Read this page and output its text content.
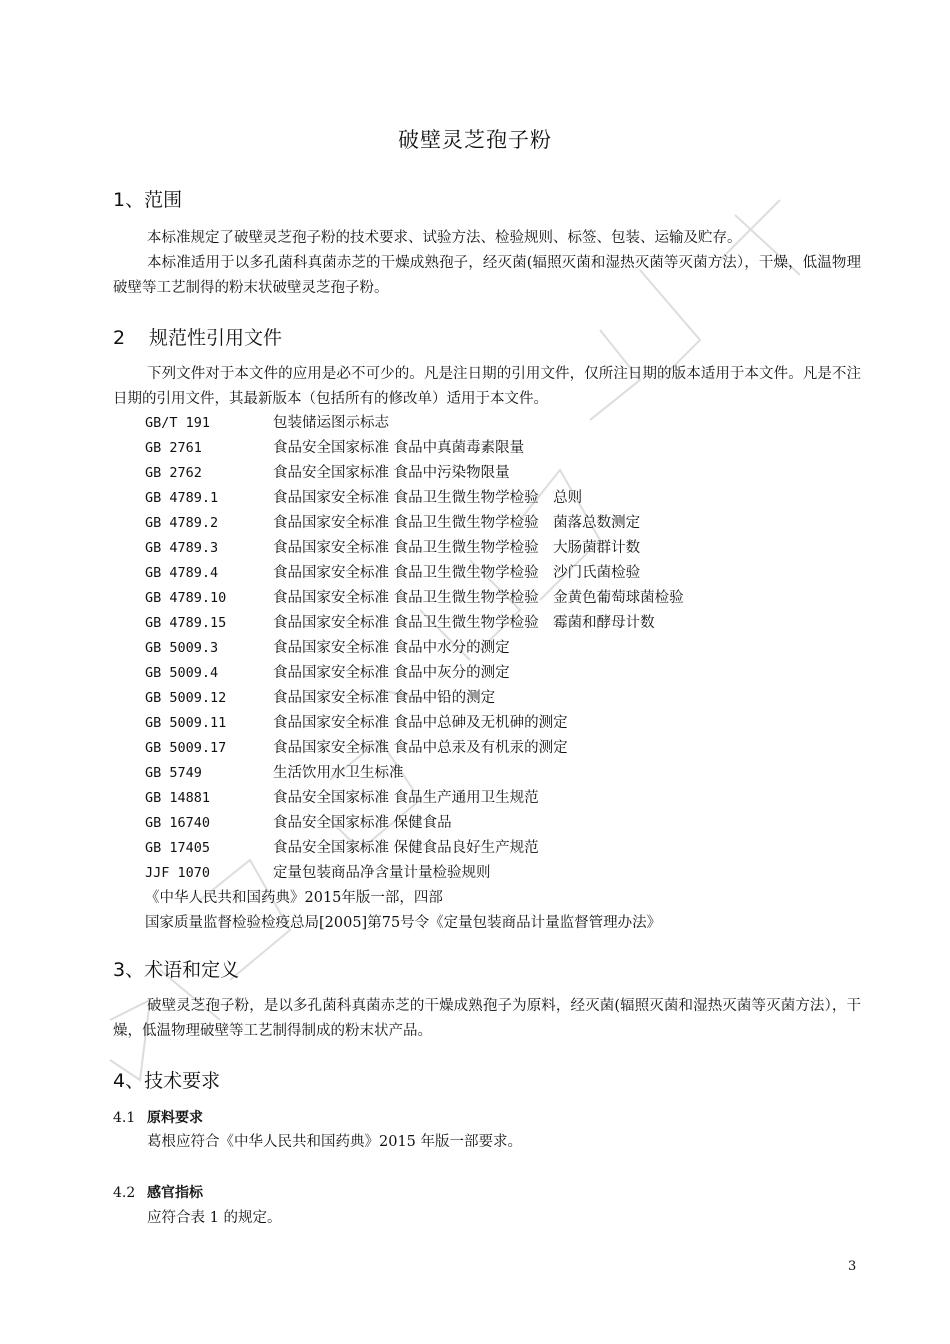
破壁灵芝孢子粉
1、范围

本标准规定了破壁灵芝孢子粉的技术要求、试验方法、检验规则、标签、包装、运输及贮存。

本标准适用于以多孔菌科真菌赤芝的干燥成熟孢子，经灭菌(辐照灭菌和湿热灭菌等灭菌方法），干燥，低温物理破壁等工艺制得的粉末状破壁灵芝孢子粉。

2 规范性引用文件

下列文件对于本文件的应用是必不可少的。凡是注日期的引用文件，仅所注日期的版本适用于本文件。凡是不注日期的引用文件，其最新版本（包括所有的修改单）适用于本文件。

GB/T 191	包装储运图示标志
GB 2761	食品安全国家标准 食品中真菌毒素限量
GB 2762	食品安全国家标准 食品中污染物限量
GB 4789.1	食品国家安全标准 食品卫生微生物学检验　总则
GB 4789.2	食品国家安全标准 食品卫生微生物学检验　菌落总数测定
GB 4789.3	食品国家安全标准 食品卫生微生物学检验　大肠菌群计数
GB 4789.4	食品国家安全标准 食品卫生微生物学检验　沙门氏菌检验
GB 4789.10	食品国家安全标准 食品卫生微生物学检验　金黄色葡萄球菌检验
GB 4789.15	食品国家安全标准 食品卫生微生物学检验　霉菌和酵母计数
GB 5009.3	食品国家安全标准 食品中水分的测定
GB 5009.4	食品国家安全标准 食品中灰分的测定
GB 5009.12	食品国家安全标准 食品中铅的测定
GB 5009.11	食品国家安全标准 食品中总砷及无机砷的测定
GB 5009.17	食品国家安全标准 食品中总汞及有机汞的测定
GB 5749	生活饮用水卫生标准
GB 14881	食品安全国家标准 食品生产通用卫生规范
GB 16740	食品安全国家标准 保健食品
GB 17405	食品安全国家标准 保健食品良好生产规范
JJF 1070	定量包装商品净含量计量检验规则
《中华人民共和国药典》2015年版一部，四部
国家质量监督检验检疫总局[2005]第75号令《定量包装商品计量监督管理办法》
3、术语和定义

破壁灵芝孢子粉，是以多孔菌科真菌赤芝的干燥成熟孢子为原料，经灭菌(辐照灭菌和湿热灭菌等灭菌方法），干燥，低温物理破壁等工艺制得制成的粉末状产品。

4、技术要求
4.1 原料要求

葛根应符合《中华人民共和国药典》2015 年版一部要求。

4.2 感官指标

应符合表 1 的规定。

3
